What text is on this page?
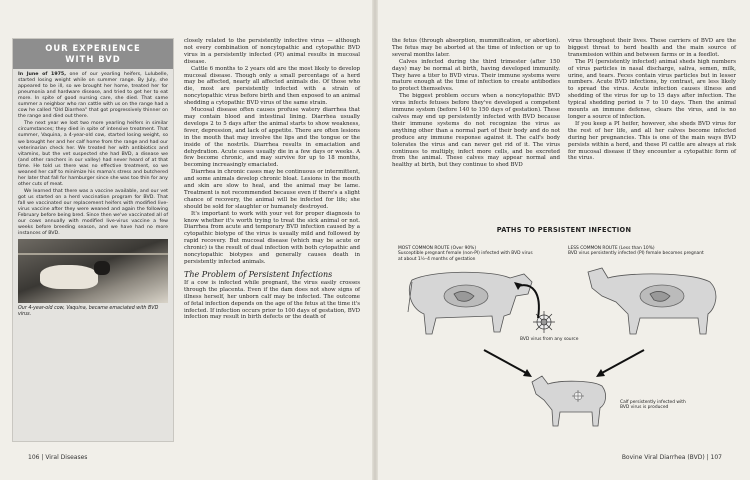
OUR EXPERIENCE
WITH BVD

In June of 1975, one of our yearling heifers, Lulubelle, started losing weight while on summer range. By July, she appeared to be ill, so we brought her home, treated her for pneumonia and hardware disease, and tried to get her to eat more. In spite of good nursing care, she died. That same summer a neighbor who ran cattle with us on the range had a cow he called "Old Diarrhea" that got progressively thinner on the range and died out there.

The next year we lost two more yearling heifers in similar circumstances; they died in spite of intensive treatment. That summer, Vaquina, a 4-year-old cow, started losing weight, so we brought her and her calf home from the range and had our veterinarian check her. We treated her with antibiotics and vitamins, but the vet suspected she had BVD, a disease we (and other ranchers in our valley) had never heard of at that time. He told us there was no effective treatment, so we weaned her calf to minimize his mama's stress and butchered her later that fall for hamburger since she was too thin for any other cuts of meat.

We learned that there was a vaccine available, and our vet got us started on a herd vaccination program for BVD. That fall we vaccinated our replacement heifers with modified live-virus vaccine after they were weaned and again the following February before being bred. Since then we've vaccinated all of our cows annually with modified live-virus vaccine a few weeks before breeding season, and we have had no more instances of BVD.

Our 4-year-old cow, Vaquina, became emaciated with BVD virus.

closely related to the persistently infective virus — although not every combination of noncytopathic and cytopathic BVD virus in a persistently infected (PI) animal results in mucosal disease.

Cattle 6 months to 2 years old are the most likely to develop mucosal disease. Though only a small percentage of a herd may be affected, nearly all affected animals die. Of those who die, most are persistently infected with a strain of noncytopathic virus before birth and then exposed to an animal shedding a cytopathic BVD virus of the same strain.

Mucosal disease often causes profuse watery diarrhea that may contain blood and intestinal lining. Diarrhea usually develops 2 to 5 days after the animal starts to show weakness, fever, depression, and lack of appetite. There are often lesions in the mouth that may involve the lips and the tongue or the inside of the nostrils. Diarrhea results in emaciation and dehydration. Acute cases usually die in a few days or weeks. A few become chronic, and may survive for up to 18 months, becoming increasingly emaciated.

Diarrhea in chronic cases may be continuous or intermittent, and some animals develop chronic bloat. Lesions in the mouth and skin are slow to heal, and the animal may be lame. Treatment is not recommended because even if there's a slight chance of recovery, the animal will be infected for life; she should be sold for slaughter or humanely destroyed.

It's important to work with your vet for proper diagnosis to know whether it's worth trying to treat the sick animal or not. Diarrhea from acute and temporary BVD infection caused by a cytopathic biotype of the virus is usually mild and followed by rapid recovery. But mucosal disease (which may be acute or chronic) is the result of dual infection with both cytopathic and noncytopathic biotypes and generally causes death in persistently infected animals.

The Problem of Persistent Infections

If a cow is infected while pregnant, the virus easily crosses through the placenta. Even if the dam does not show signs of illness herself, her unborn calf may be infected. The outcome of fetal infection depends on the age of the fetus at the time it's infected. If infection occurs prior to 100 days of gestation, BVD infection may result in birth defects or the death of

the fetus (through absorption, mummification, or abortion). The fetus may be aborted at the time of infection or up to several months later.

Calves infected during the third trimester (after 150 days) may be normal at birth, having developed immunity. They have a titer to BVD virus. Their immune systems were mature enough at the time of infection to create antibodies to protect themselves.

The biggest problem occurs when a noncytopathic BVD virus infects fetuses before they've developed a competent immune system (before 140 to 150 days of gestation). These calves may end up persistently infected with BVD because their immune systems do not recognize the virus as anything other than a normal part of their body and do not produce any immune response against it. The calf's body tolerates the virus and can never get rid of it. The virus continues to multiply, infect more cells, and be excreted from the animal. These calves may appear normal and healthy at birth, but they continue to shed BVD

virus throughout their lives. These carriers of BVD are the biggest threat to herd health and the main source of transmission within and between farms or in a feedlot.

The PI (persistently infected) animal sheds high numbers of virus particles in nasal discharge, saliva, semen, milk, urine, and tears. Feces contain virus particles but in lesser numbers. Acute BVD infections, by contrast, are less likely to spread the virus. Acute infection causes illness and shedding of the virus for up to 15 days after infection. The typical shedding period is 7 to 10 days. Then the animal mounts an immune defense, clears the virus, and is no longer a source of infection.

If you keep a PI heifer, however, she sheds BVD virus for the rest of her life, and all her calves become infected during her pregnancies. This is one of the main ways BVD persists within a herd, and these PI cattle are always at risk for mucosal disease if they encounter a cytopathic form of the virus.

PATHS TO PERSISTENT INFECTION
MOST COMMON ROUTE (Over 90%)
Susceptible pregnant female (non-PI) infected with BVD virus
at about 1½–4 months of gestation
LESS COMMON ROUTE (Less than 10%)
BVD virus persistently infected (PI) female becomes pregnant
BVD virus from any source
Calf persistently infected with
BVD virus is produced
106 | Viral Diseases	Bovine Viral Diarrhea (BVD) | 107
